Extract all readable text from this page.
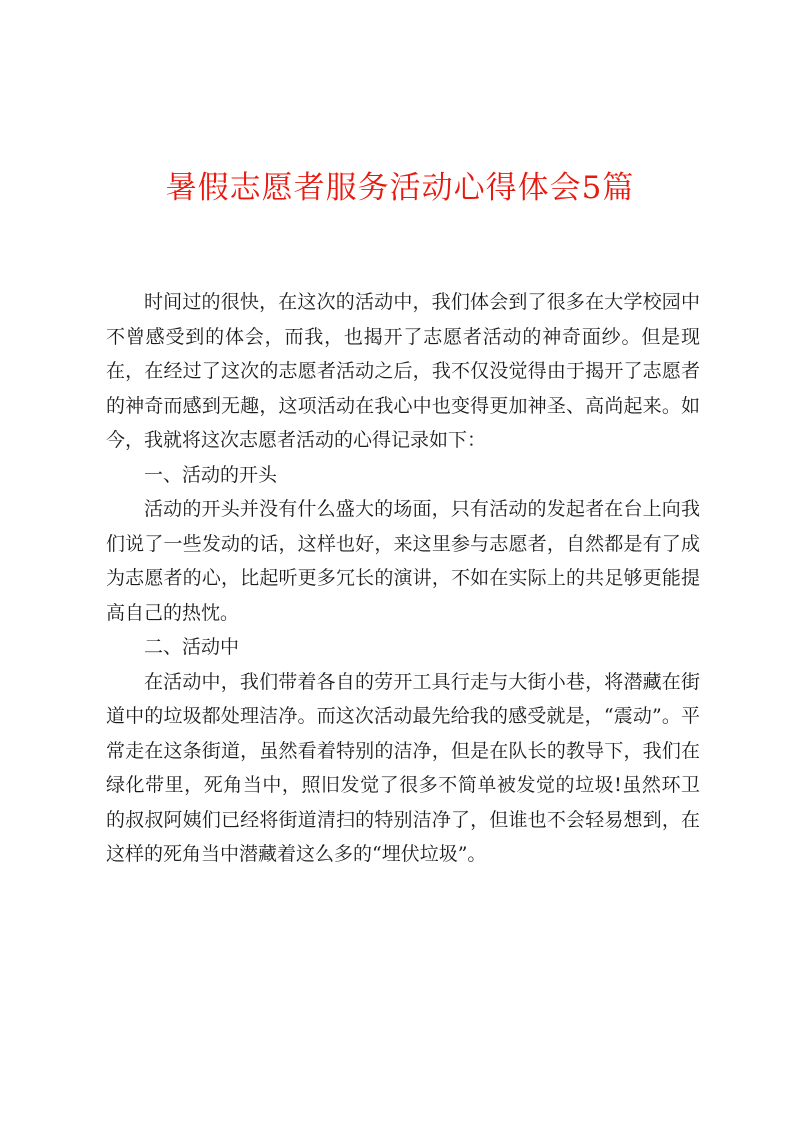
暑假志愿者服务活动心得体会5篇

时间过的很快，在这次的活动中，我们体会到了很多在大学校园中不曾感受到的体会，而我，也揭开了志愿者活动的神奇面纱。但是现在，在经过了这次的志愿者活动之后，我不仅没觉得由于揭开了志愿者的神奇而感到无趣，这项活动在我心中也变得更加神圣、高尚起来。如今，我就将这次志愿者活动的心得记录如下：

一、活动的开头

活动的开头并没有什么盛大的场面，只有活动的发起者在台上向我们说了一些发动的话，这样也好，来这里参与志愿者，自然都是有了成为志愿者的心，比起听更多冗长的演讲，不如在实际上的共足够更能提高自己的热忱。

二、活动中

在活动中，我们带着各自的劳开工具行走与大街小巷，将潜藏在街道中的垃圾都处理洁净。而这次活动最先给我的感受就是，“震动”。平常走在这条街道，虽然看着特别的洁净，但是在队长的教导下，我们在绿化带里，死角当中，照旧发觉了很多不简单被发觉的垃圾!虽然环卫的叔叔阿姨们已经将街道清扫的特别洁净了，但谁也不会轻易想到，在这样的死角当中潜藏着这么多的“埋伏垃圾”。
